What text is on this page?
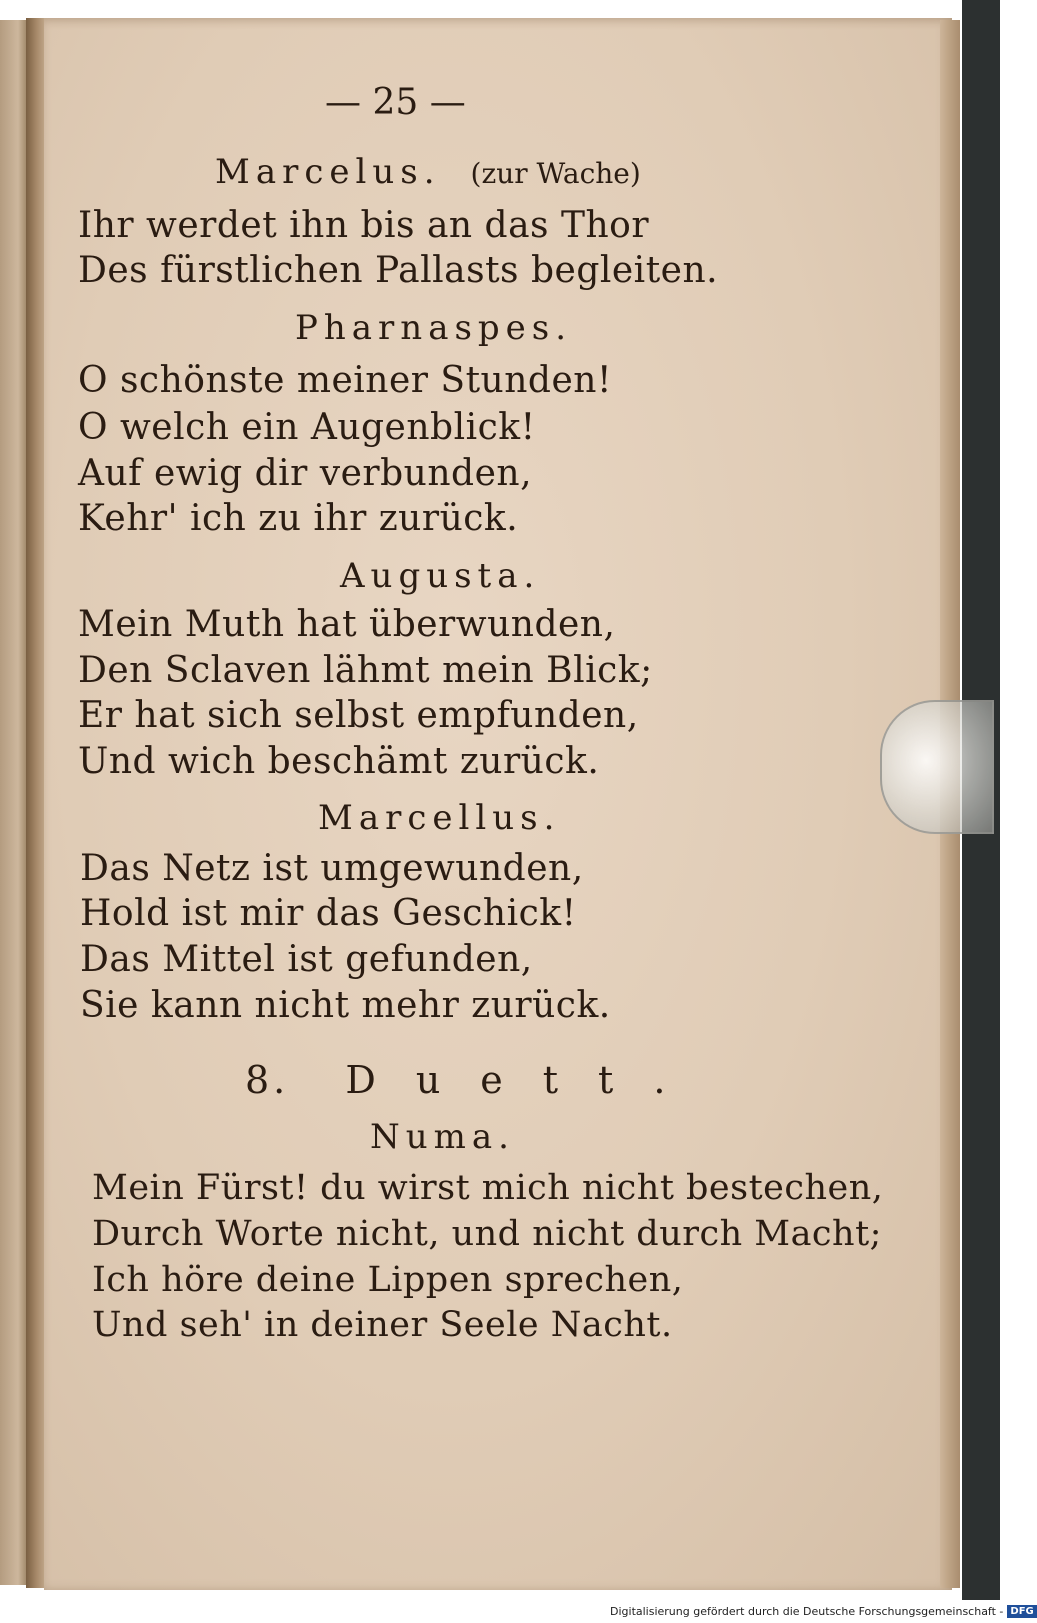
— 25 —
Marcelus. (zur Wache)
Ihr werdet ihn bis an das Thor
Des fürstlichen Pallasts begleiten.
Pharnaspes.
O schönste meiner Stunden!
O welch ein Augenblick!
Auf ewig dir verbunden,
Kehr' ich zu ihr zurück.
Augusta.
Mein Muth hat überwunden,
Den Sclaven lähmt mein Blick;
Er hat sich selbst empfunden,
Und wich beschämt zurück.
Marcellus.
Das Netz ist umgewunden,
Hold ist mir das Geschick!
Das Mittel ist gefunden,
Sie kann nicht mehr zurück.
8. Duett.
Numa.
Mein Fürst! du wirst mich nicht bestechen,
Durch Worte nicht, und nicht durch Macht;
Ich höre deine Lippen sprechen,
Und seh' in deiner Seele Nacht.
Digitalisierung gefördert durch die Deutsche Forschungsgemeinschaft - DFG
